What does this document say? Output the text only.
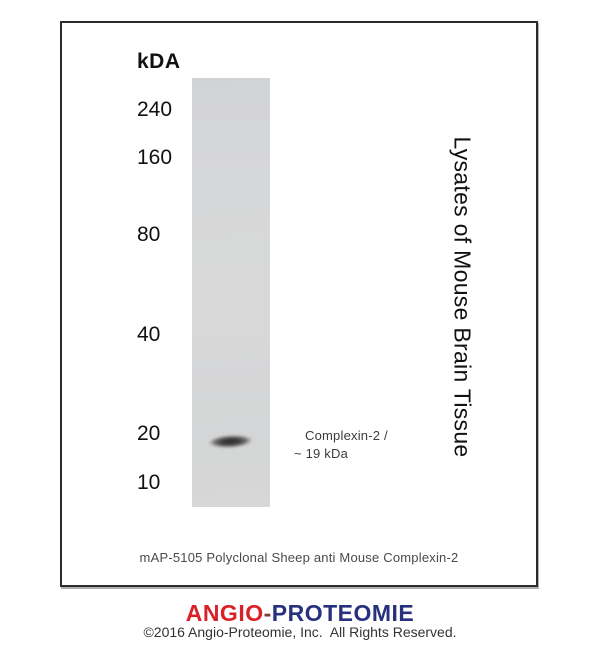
kDA
240
160
80
40
20
10
Complexin-2 /
~ 19 kDa	Lysates of Mouse Brain Tissue
mAP-5105 Polyclonal Sheep anti Mouse Complexin-2
ANGIO-PROTEOMIE
©2016 Angio-Proteomie, Inc.  All Rights Reserved.
